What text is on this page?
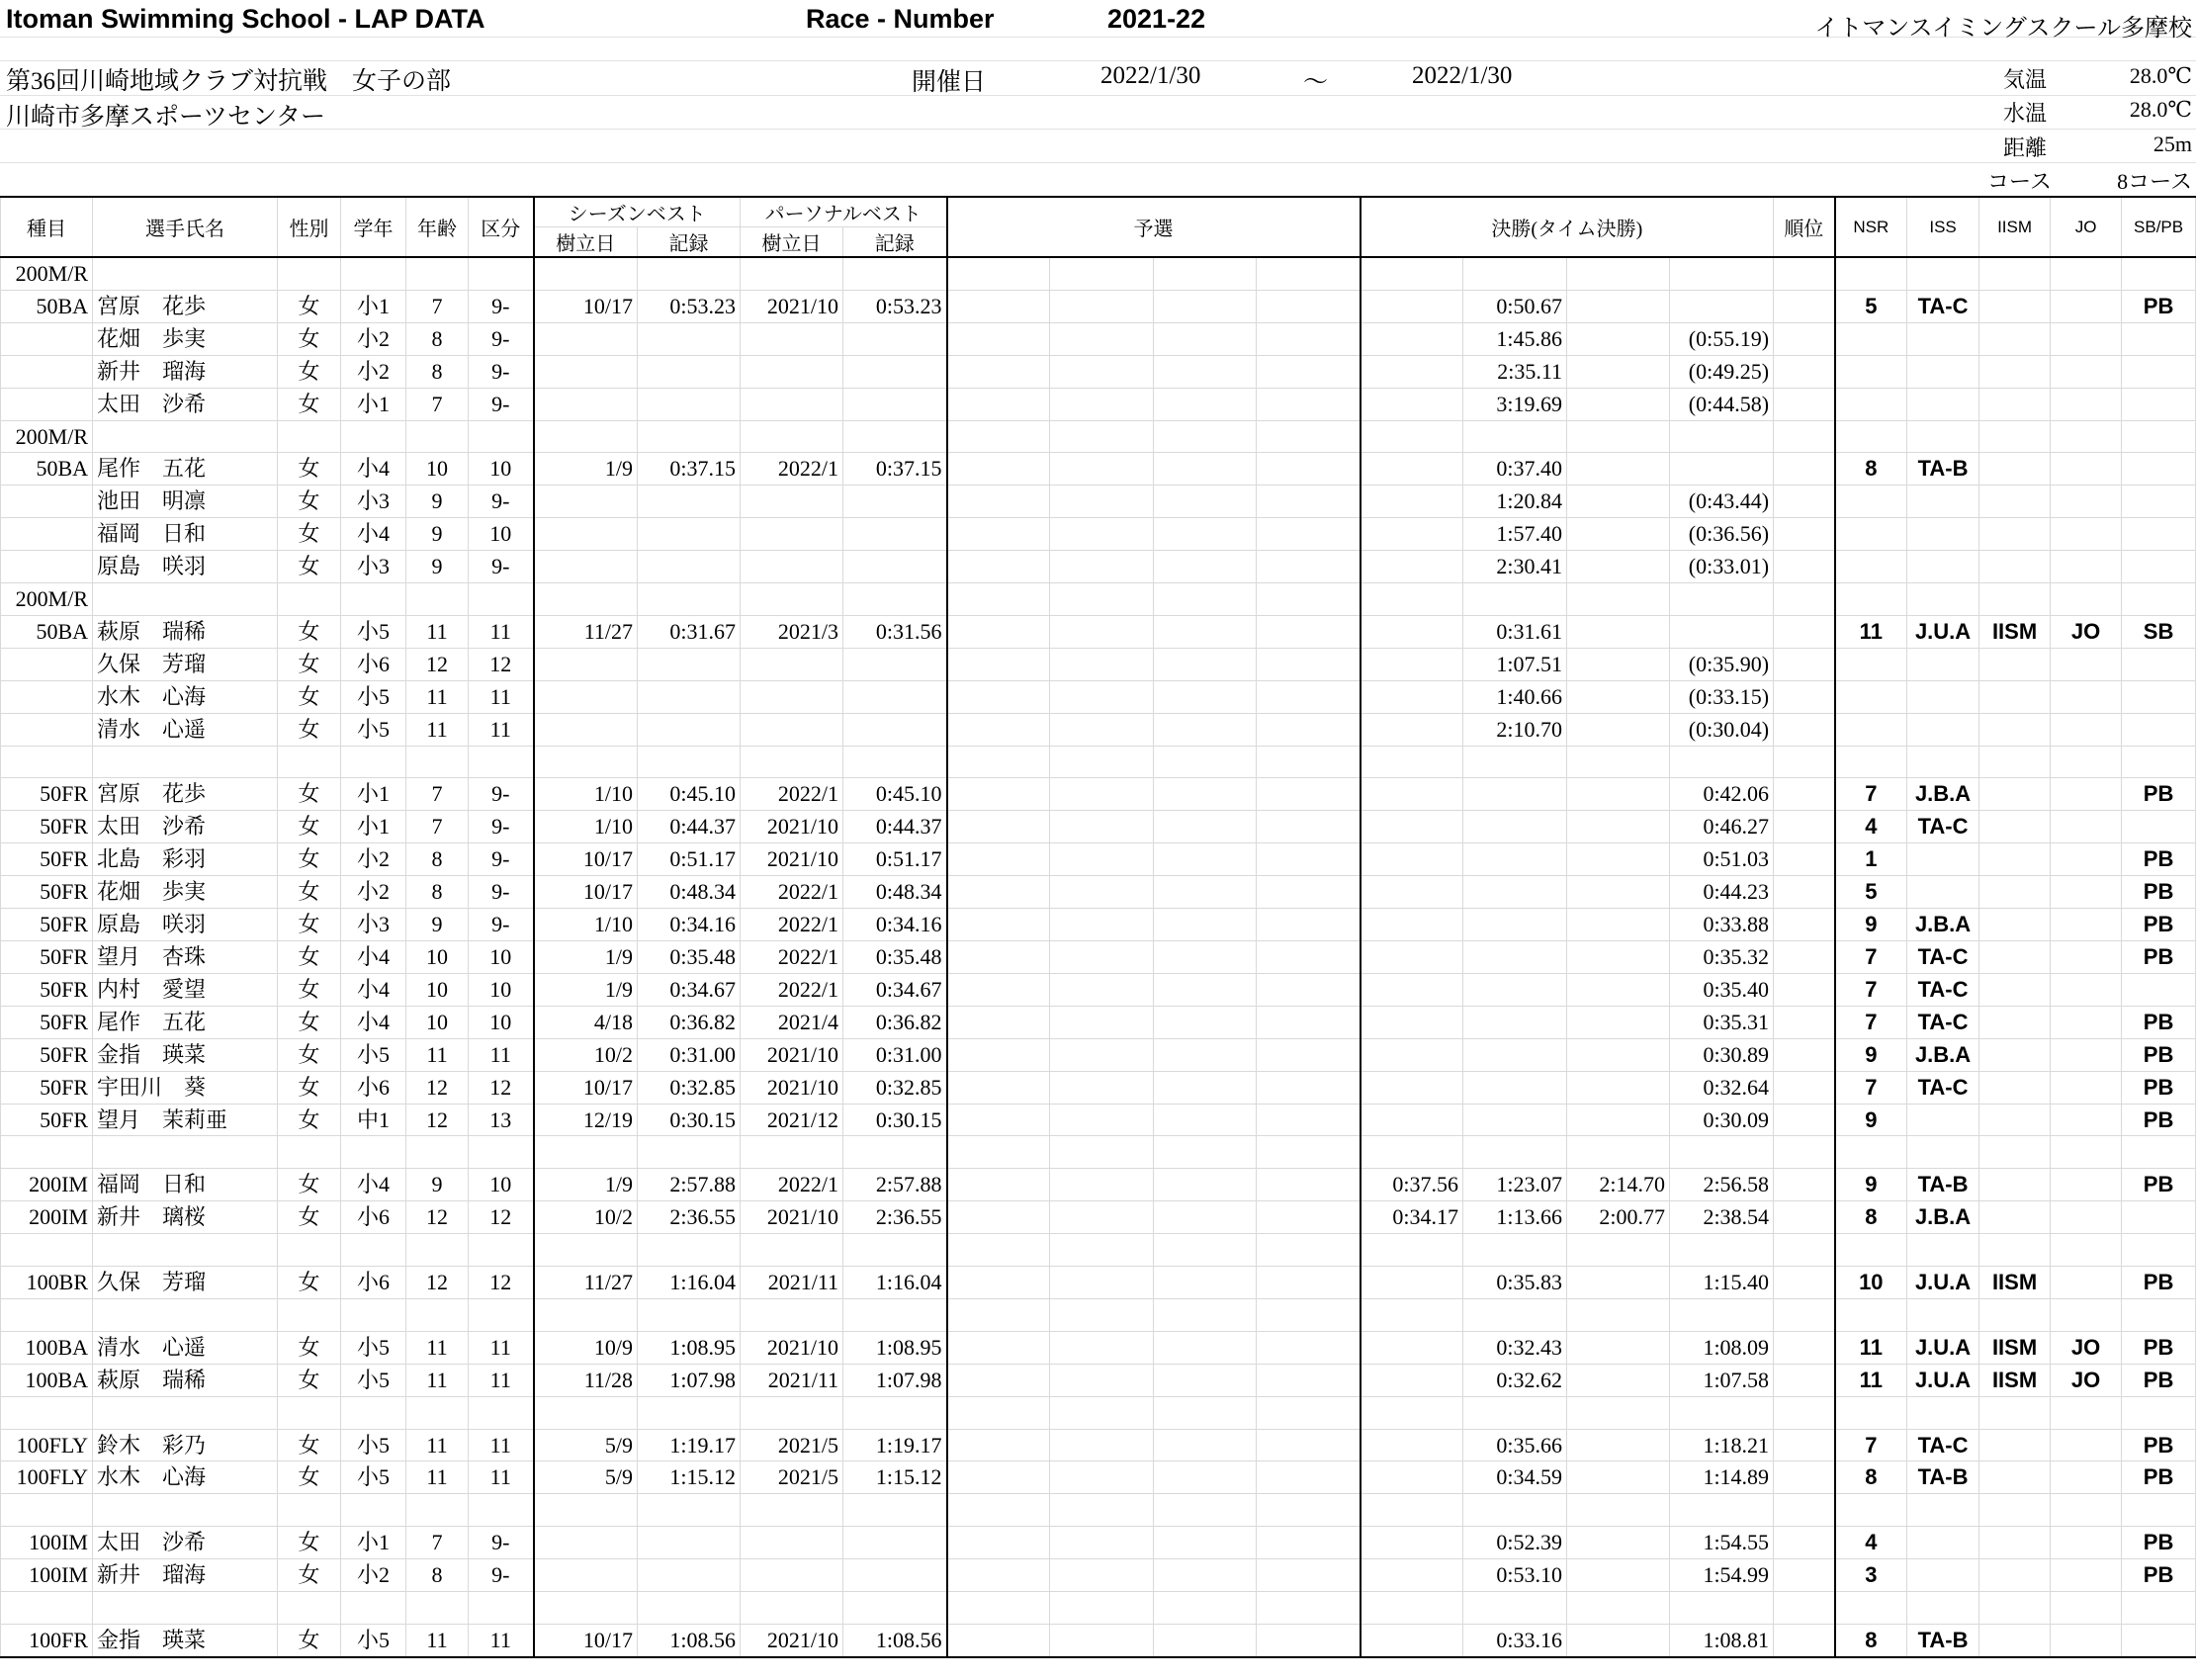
Itoman Swimming School - LAP DATA	Race - Number	2021-22	イトマンスイミングスクール多摩校
第36回川崎地域クラブ対抗戦　女子の部
川崎市多摩スポーツセンター
開催日	2022/1/30	～	2022/1/30	気温	28.0℃
水温	28.0℃
距離	25m
コース	8コース
種目	選手氏名	性別	学年	年齢	区分	シーズンベスト		パーソナルベスト		予選				決勝(タイム決勝)				順位	NSR	ISS	IISM	JO	SB/PB
						樹立日	記録	樹立日	記録														
200M/R																							
50BA	宮原　花歩	女	小1	7	9-	10/17	0:53.23	2021/10	0:53.23						0:50.67				5	TA-C			PB
	花畑　歩実	女	小2	8	9-										1:45.86		(0:55.19)						
	新井　瑠海	女	小2	8	9-										2:35.11		(0:49.25)						
	太田　沙希	女	小1	7	9-										3:19.69		(0:44.58)						
200M/R																							
50BA	尾作　五花	女	小4	10	10	1/9	0:37.15	2022/1	0:37.15						0:37.40				8	TA-B			
	池田　明凛	女	小3	9	9-										1:20.84		(0:43.44)						
	福岡　日和	女	小4	9	10										1:57.40		(0:36.56)						
	原島　咲羽	女	小3	9	9-										2:30.41		(0:33.01)						
200M/R																							
50BA	萩原　瑞稀	女	小5	11	11	11/27	0:31.67	2021/3	0:31.56						0:31.61				11	J.U.A	IISM	JO	SB
	久保　芳瑠	女	小6	12	12										1:07.51		(0:35.90)						
	水木　心海	女	小5	11	11										1:40.66		(0:33.15)						
	清水　心遥	女	小5	11	11										2:10.70		(0:30.04)						

50FR	宮原　花歩	女	小1	7	9-	1/10	0:45.10	2022/1	0:45.10								0:42.06		7	J.B.A			PB
50FR	太田　沙希	女	小1	7	9-	1/10	0:44.37	2021/10	0:44.37								0:46.27		4	TA-C			
50FR	北島　彩羽	女	小2	8	9-	10/17	0:51.17	2021/10	0:51.17								0:51.03		1				PB
50FR	花畑　歩実	女	小2	8	9-	10/17	0:48.34	2022/1	0:48.34								0:44.23		5				PB
50FR	原島　咲羽	女	小3	9	9-	1/10	0:34.16	2022/1	0:34.16								0:33.88		9	J.B.A			PB
50FR	望月　杏珠	女	小4	10	10	1/9	0:35.48	2022/1	0:35.48								0:35.32		7	TA-C			PB
50FR	内村　愛望	女	小4	10	10	1/9	0:34.67	2022/1	0:34.67								0:35.40		7	TA-C			
50FR	尾作　五花	女	小4	10	10	4/18	0:36.82	2021/4	0:36.82								0:35.31		7	TA-C			PB
50FR	金指　瑛菜	女	小5	11	11	10/2	0:31.00	2021/10	0:31.00								0:30.89		9	J.B.A			PB
50FR	宇田川　葵	女	小6	12	12	10/17	0:32.85	2021/10	0:32.85								0:32.64		7	TA-C			PB
50FR	望月　茉莉亜	女	中1	12	13	12/19	0:30.15	2021/12	0:30.15								0:30.09		9				PB

200IM	福岡　日和	女	小4	9	10	1/9	2:57.88	2022/1	2:57.88					0:37.56	1:23.07	2:14.70	2:56.58		9	TA-B			PB
200IM	新井　璃桜	女	小6	12	12	10/2	2:36.55	2021/10	2:36.55					0:34.17	1:13.66	2:00.77	2:38.54		8	J.B.A			

100BR	久保　芳瑠	女	小6	12	12	11/27	1:16.04	2021/11	1:16.04						0:35.83		1:15.40		10	J.U.A	IISM		PB

100BA	清水　心遥	女	小5	11	11	10/9	1:08.95	2021/10	1:08.95						0:32.43		1:08.09		11	J.U.A	IISM	JO	PB
100BA	萩原　瑞稀	女	小5	11	11	11/28	1:07.98	2021/11	1:07.98						0:32.62		1:07.58		11	J.U.A	IISM	JO	PB

100FLY	鈴木　彩乃	女	小5	11	11	5/9	1:19.17	2021/5	1:19.17						0:35.66		1:18.21		7	TA-C			PB
100FLY	水木　心海	女	小5	11	11	5/9	1:15.12	2021/5	1:15.12						0:34.59		1:14.89		8	TA-B			PB

100IM	太田　沙希	女	小1	7	9-										0:52.39		1:54.55		4				PB
100IM	新井　瑠海	女	小2	8	9-										0:53.10		1:54.99		3				PB

100FR	金指　瑛菜	女	小5	11	11	10/17	1:08.56	2021/10	1:08.56						0:33.16		1:08.81		8	TA-B			
